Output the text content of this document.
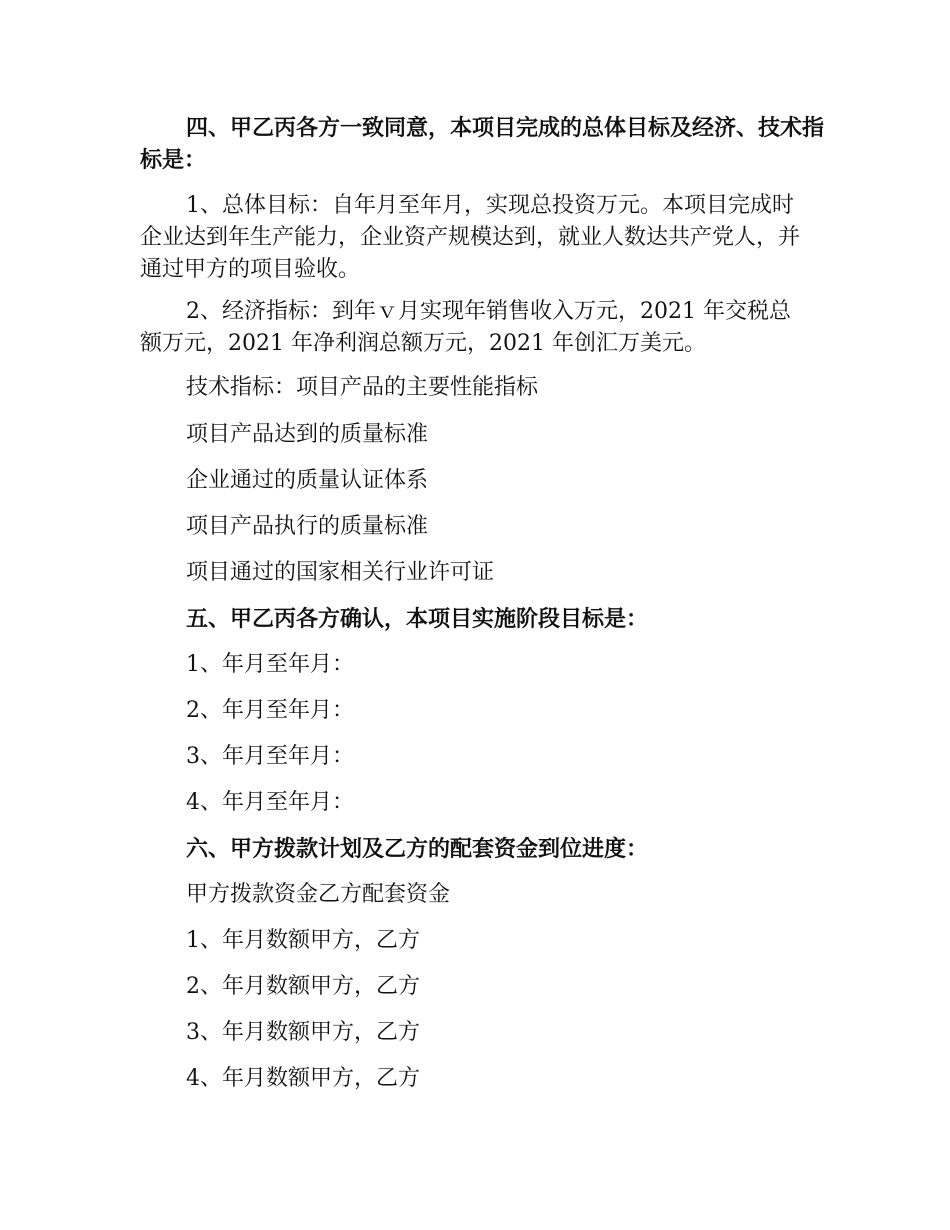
四、甲乙丙各方一致同意，本项目完成的总体目标及经济、技术指标是：
1、总体目标：自年月至年月，实现总投资万元。本项目完成时企业达到年生产能力，企业资产规模达到，就业人数达共产党人，并通过甲方的项目验收。
2、经济指标：到年ｖ月实现年销售收入万元，2021 年交税总额万元，2021 年净利润总额万元，2021 年创汇万美元。
技术指标：项目产品的主要性能指标
项目产品达到的质量标准
企业通过的质量认证体系
项目产品执行的质量标准
项目通过的国家相关行业许可证
五、甲乙丙各方确认，本项目实施阶段目标是：
1、年月至年月：
2、年月至年月：
3、年月至年月：
4、年月至年月：
六、甲方拨款计划及乙方的配套资金到位进度：
甲方拨款资金乙方配套资金
1、年月数额甲方，乙方
2、年月数额甲方，乙方
3、年月数额甲方，乙方
4、年月数额甲方，乙方
